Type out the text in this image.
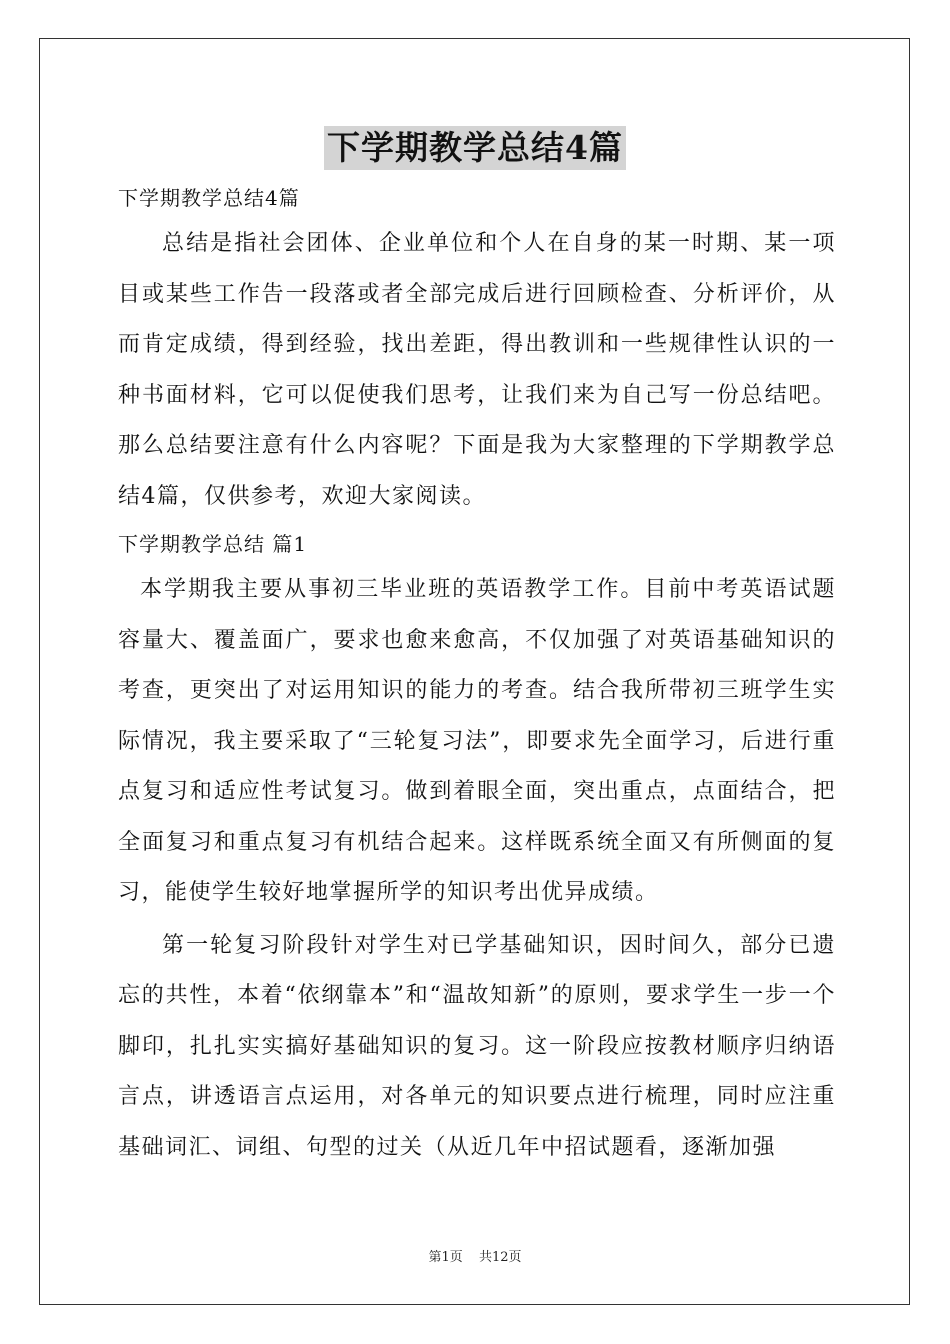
下学期教学总结4篇

下学期教学总结4篇

总结是指社会团体、企业单位和个人在自身的某一时期、某一项目或某些工作告一段落或者全部完成后进行回顾检查、分析评价，从而肯定成绩，得到经验，找出差距，得出教训和一些规律性认识的一种书面材料，它可以促使我们思考，让我们来为自己写一份总结吧。那么总结要注意有什么内容呢？下面是我为大家整理的下学期教学总结4篇，仅供参考，欢迎大家阅读。

下学期教学总结 篇1

本学期我主要从事初三毕业班的英语教学工作。目前中考英语试题容量大、覆盖面广，要求也愈来愈高，不仅加强了对英语基础知识的考查，更突出了对运用知识的能力的考查。结合我所带初三班学生实际情况，我主要采取了“三轮复习法”，即要求先全面学习，后进行重点复习和适应性考试复习。做到着眼全面，突出重点，点面结合，把全面复习和重点复习有机结合起来。这样既系统全面又有所侧面的复习，能使学生较好地掌握所学的知识考出优异成绩。

第一轮复习阶段针对学生对已学基础知识，因时间久，部分已遗忘的共性，本着“依纲靠本”和“温故知新”的原则，要求学生一步一个脚印，扎扎实实搞好基础知识的复习。这一阶段应按教材顺序归纳语言点，讲透语言点运用，对各单元的知识要点进行梳理，同时应注重基础词汇、词组、句型的过关（从近几年中招试题看，逐渐加强

第1页 共12页
